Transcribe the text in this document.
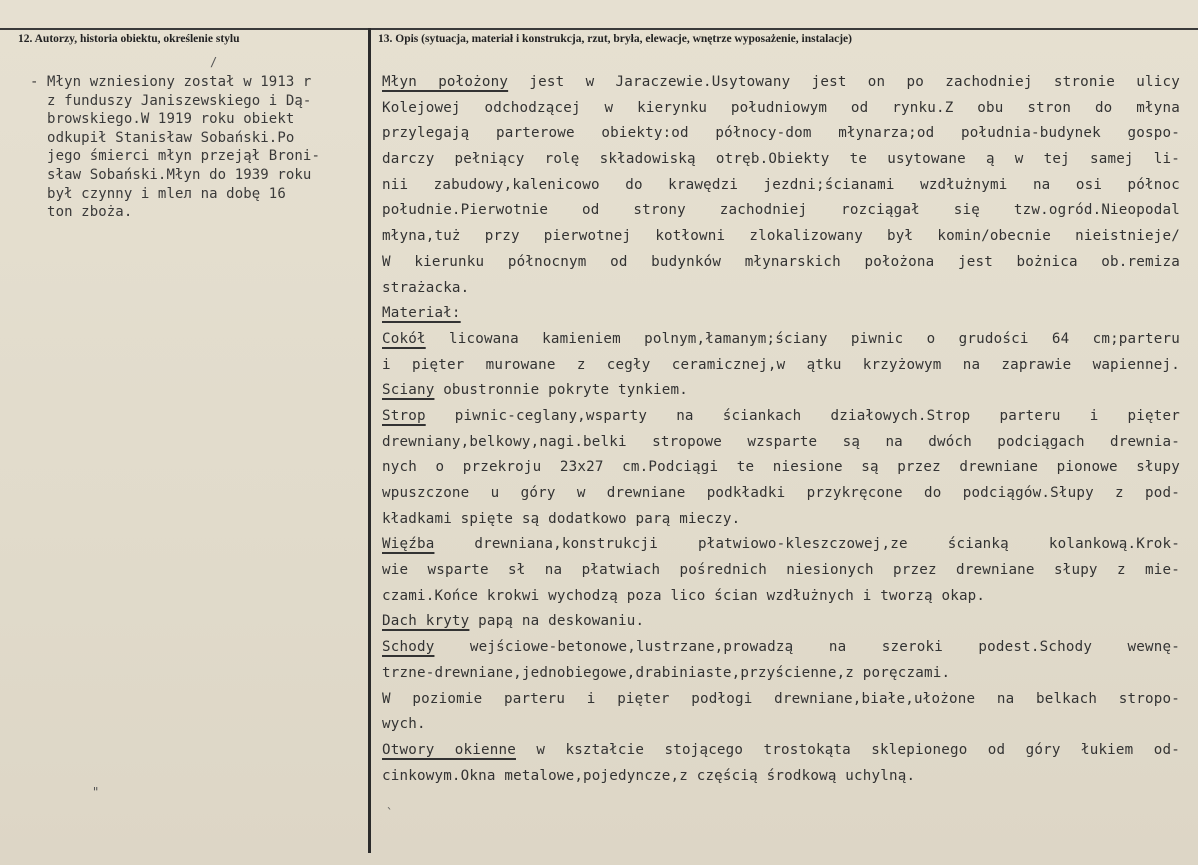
12. Autorzy, historia obiektu, określenie stylu	13. Opis (sytuacja, materiał i konstrukcja, rzut, bryła, elewacje, wnętrze wyposażenie, instalacje)
- Młyn wzniesiony został w 1913 r
z funduszy Janiszewskiego i Dą-
browskiego.W 1919 roku obiekt
odkupił Stanisław Sobański.Po
jego śmierci młyn przejął Broni-
sław Sobański.Młyn do 1939 roku
był czynny i mlел na dobę 16
ton zboża.
Młyn położony jest w Jaraczewie.Usytowany jest on po zachodniej stronie ulicy
Kolejowej odchodzącej w kierynku południowym od rynku.Z obu stron do młyna
przylegają parterowe obiekty:od północy-dom młynarza;od południa-budynek gospo-
darczy pełniący rolę składowiską otręb.Obiekty te usytowane ą w tej samej li-
nii zabudowy,kalenicowo do krawędzi jezdni;ścianami wzdłużnymi na osi północ
południe.Pierwotnie od strony zachodniej rozciągał się tzw.ogród.Nieopodal
młyna,tuż przy pierwotnej kotłowni zlokalizowany był komin/obecnie nieistnieje/
W kierunku północnym od budynków młynarskich położona jest bożnica ob.remiza
strażacka.
Materiał:
Cokół licowana kamieniem polnym,łamanym;ściany piwnic o grudości 64 cm;parteru
i pięter murowane z cegły ceramicznej,w ątku krzyżowym na zaprawie wapiennej.
Sciany obustronnie pokryte tynkiem.
Strop piwnic-ceglany,wsparty na ściankach działowych.Strop parteru i pięter
drewniany,belkowy,nagi.belki stropowe wzsparte są na dwóch podciągach drewnia-
nych o przekroju 23x27 cm.Podciągi te niesione są przez drewniane pionowe słupy
wpuszczone u góry w drewniane podkładki przykręcone do podciągów.Słupy z pod-
kładkami spięte są dodatkowo parą mieczy.
Więźba drewniana,konstrukcji płatwiowo-kleszczowej,ze ścianką kolankową.Krok-
wie wsparte sł na płatwiach pośrednich niesionych przez drewniane słupy z mie-
czami.Końce krokwi wychodzą poza lico ścian wzdłużnych i tworzą okap.
Dach kryty papą na deskowaniu.
Schody wejściowe-betonowe,lustrzane,prowadzą na szeroki podest.Schody wewnę-
trzne-drewniane,jednobiegowe,drabiniaste,przyścienne,z poręczami.
W poziomie parteru i pięter podłogi drewniane,białe,ułożone na belkach stropo-
wych.
Otwory okienne w kształcie stojącego trostokąta sklepionego od góry łukiem od-
cinkowym.Okna metalowe,pojedyncze,z częścią środkową uchylną.
/
"
`
